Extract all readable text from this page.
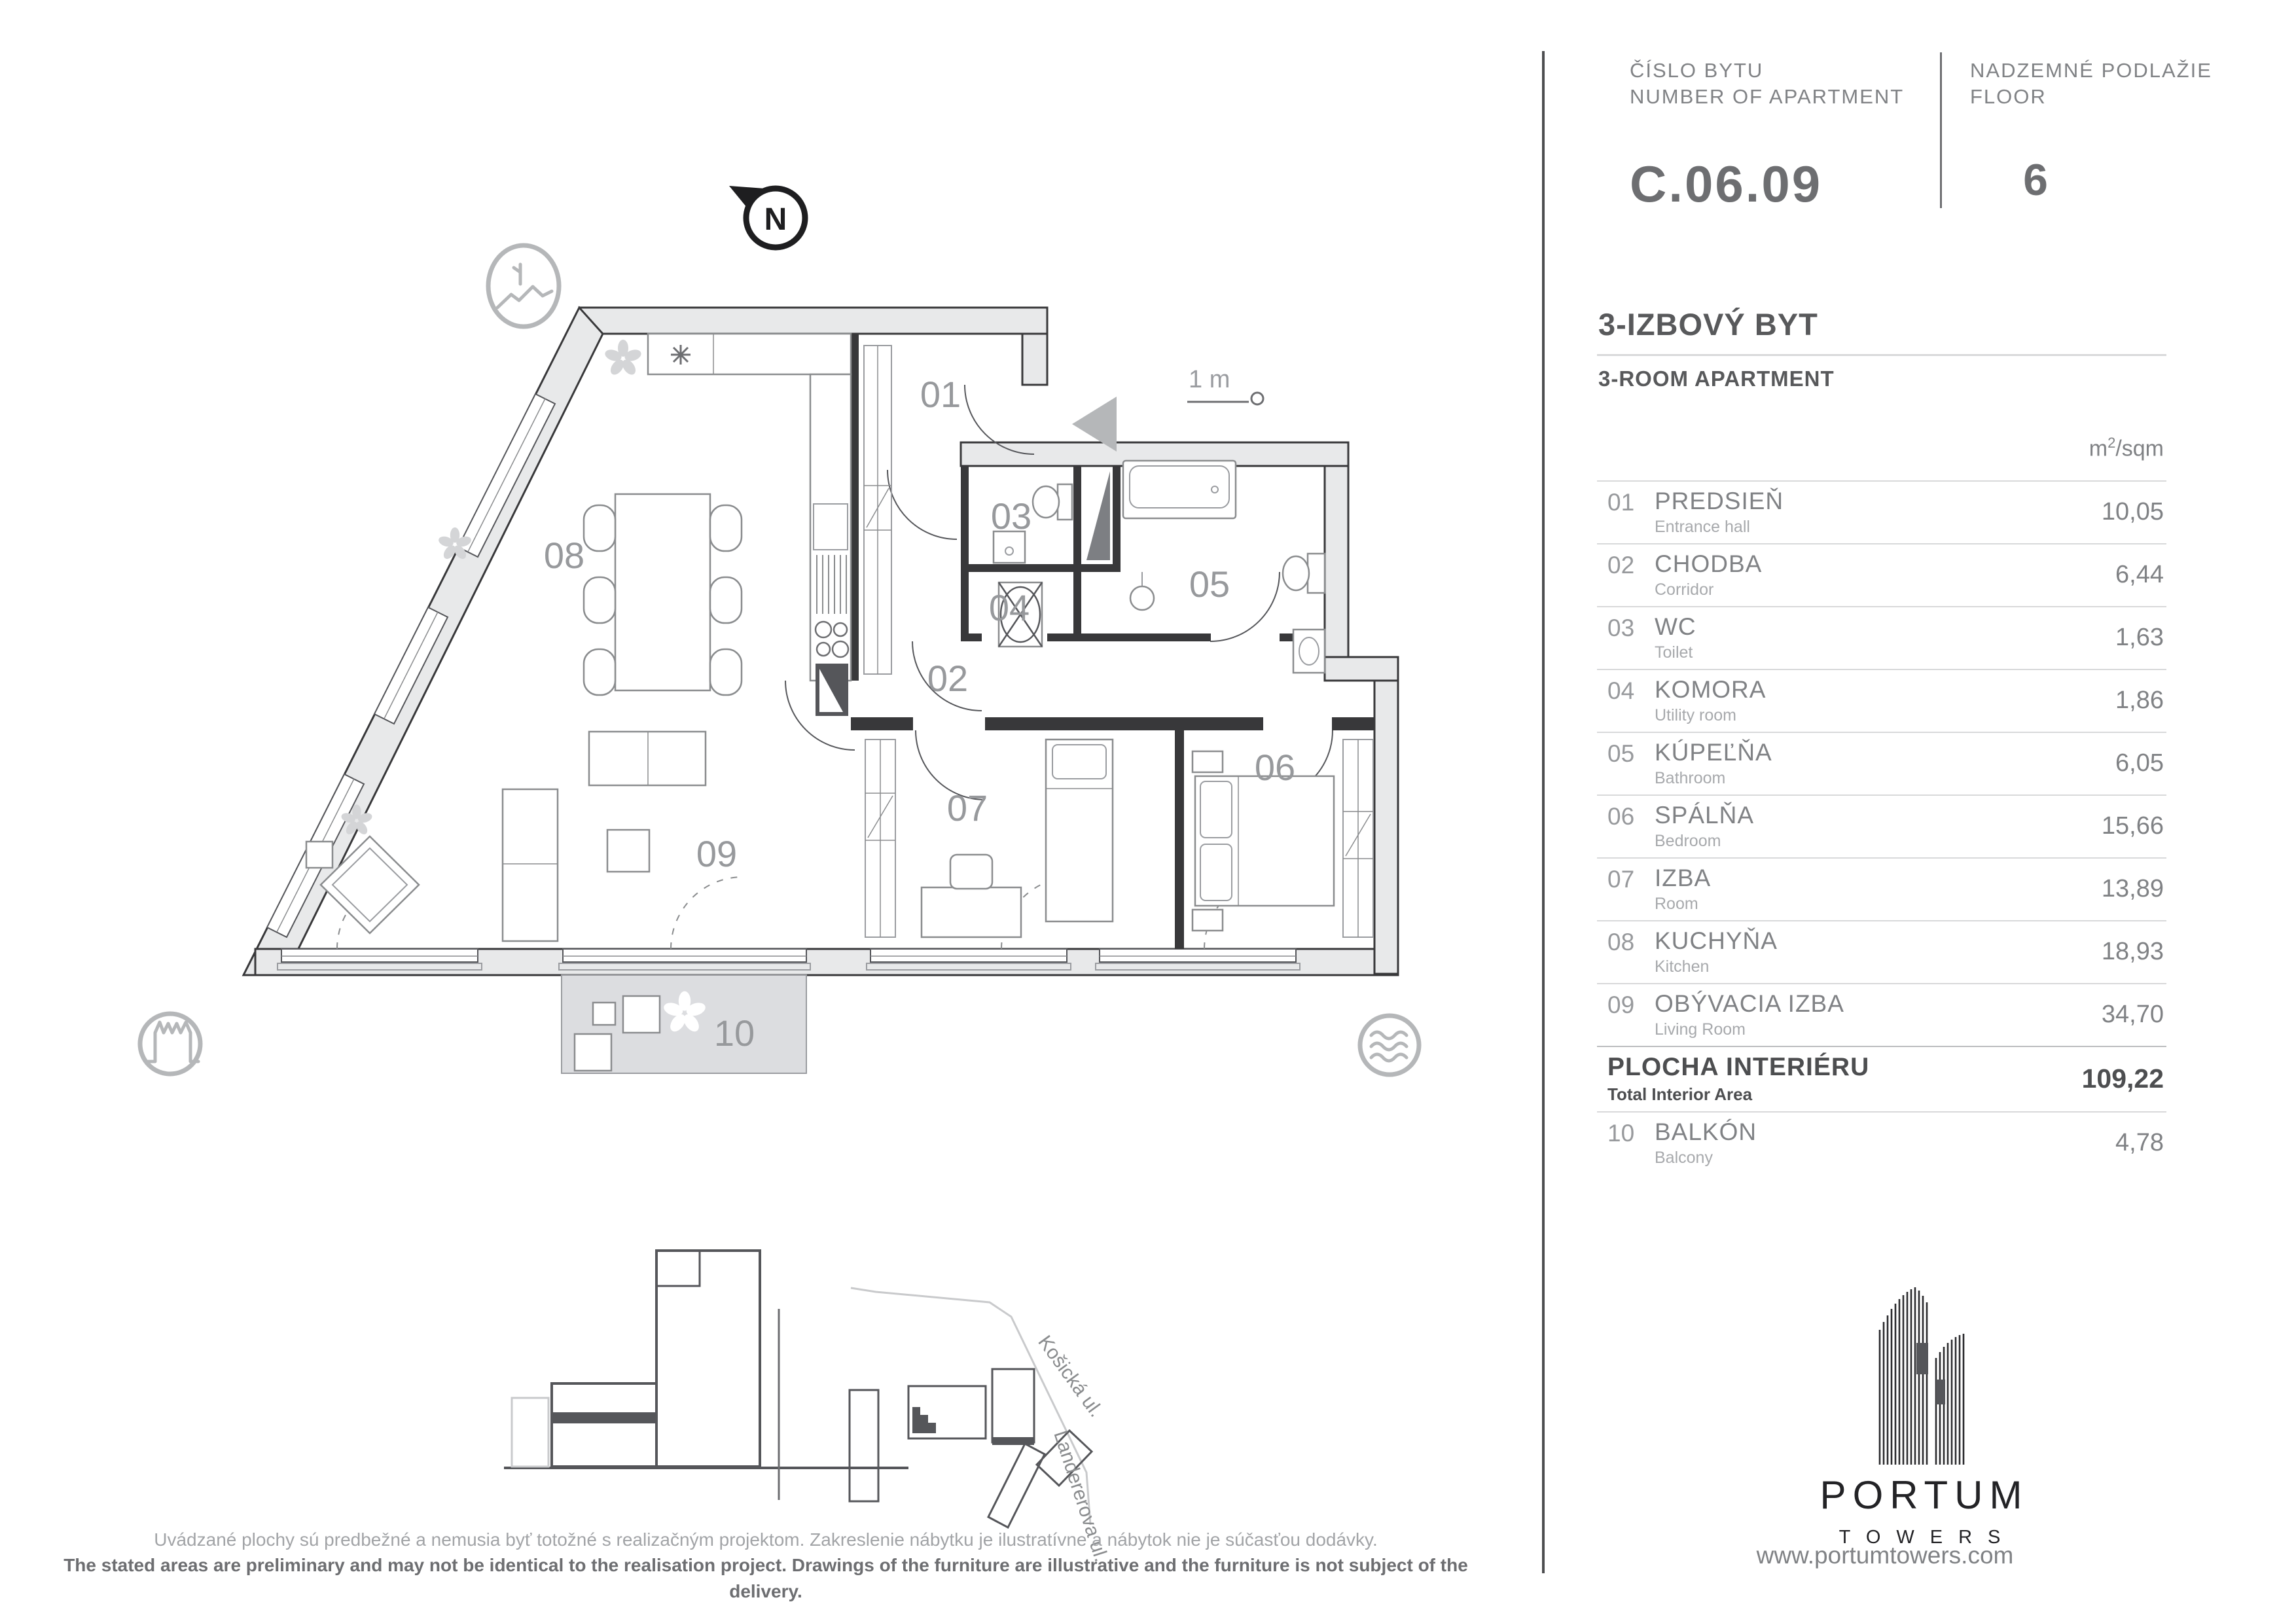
01
02
03
04
05
06
07
08
09
10
N
1 m
Košická ul.
Landererova ul.
ČÍSLO BYTU
NUMBER OF APARTMENT
C.06.09
NADZEMNÉ PODLAŽIE
FLOOR
6
3-IZBOVÝ BYT
3-ROOM APARTMENT
$m^2$/sqm
01 PREDSIEŇ
Entrance hall
10,05
02 CHODBA
Corridor
6,44
03 WC
Toilet
1,63
04 KOMORA
Utility room
1,86
05 KÚPEĽŇA
Bathroom
6,05
06 SPÁLŇA
Bedroom
15,66
07 IZBA
Room
13,89
08 KUCHYŇA
Kitchen
18,93
09 OBÝVACIA IZBA
Living Room
34,70
PLOCHA INTERIÉRU
Total Interior Area
109,22
10 BALKÓN
Balcony
4,78
PORTUM
TOWERS
www.portumtowers.com
Uvádzané plochy sú predbežné a nemusia byť totožné s realizačným projektom. Zakreslenie nábytku je ilustratívne a nábytok nie je súčasťou dodávky.
The stated areas are preliminary and may not be identical to the realisation project. Drawings of the furniture are illustrative and the furniture is not subject of the delivery.
